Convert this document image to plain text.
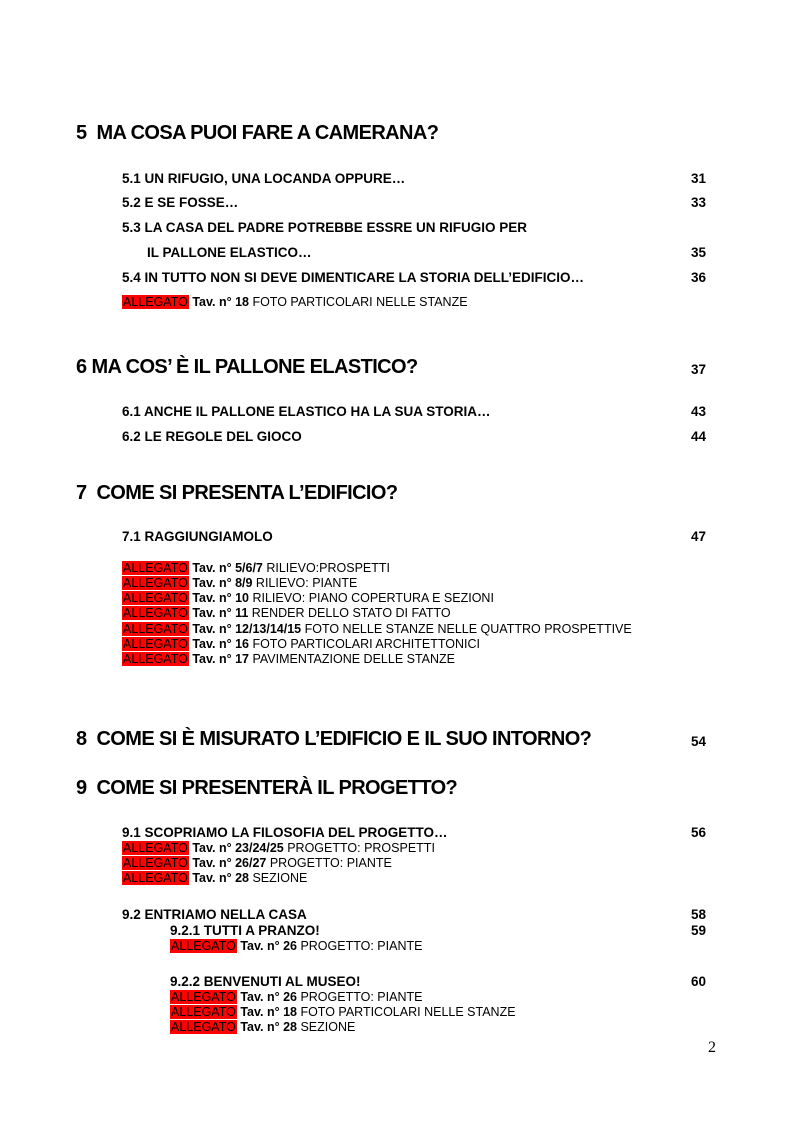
5 MA COSA PUOI FARE A CAMERANA?
5.1 UN RIFUGIO, UNA LOCANDA OPPURE…	31
5.2 E SE FOSSE…	33
5.3 LA CASA DEL PADRE POTREBBE ESSRE UN RIFUGIO PER
IL PALLONE ELASTICO…	35
5.4 IN TUTTO NON SI DEVE DIMENTICARE LA STORIA DELL’EDIFICIO…	36
ALLEGATO Tav. n° 18 FOTO PARTICOLARI NELLE STANZE
6 MA COS’ È IL PALLONE ELASTICO?	37
6.1 ANCHE IL PALLONE ELASTICO HA LA SUA STORIA…	43
6.2 LE REGOLE DEL GIOCO	44
7 COME SI PRESENTA L’EDIFICIO?
7.1 RAGGIUNGIAMOLO	47
ALLEGATO Tav. n° 5/6/7 RILIEVO:PROSPETTI
ALLEGATO Tav. n° 8/9 RILIEVO: PIANTE
ALLEGATO Tav. n° 10 RILIEVO: PIANO COPERTURA E SEZIONI
ALLEGATO Tav. n° 11 RENDER DELLO STATO DI FATTO
ALLEGATO Tav. n° 12/13/14/15 FOTO NELLE STANZE NELLE QUATTRO PROSPETTIVE
ALLEGATO Tav. n° 16 FOTO PARTICOLARI ARCHITETTONICI
ALLEGATO Tav. n° 17 PAVIMENTAZIONE DELLE STANZE
8 COME SI È MISURATO L’EDIFICIO E IL SUO INTORNO?	54
9 COME SI PRESENTERÀ IL PROGETTO?
9.1 SCOPRIAMO LA FILOSOFIA DEL PROGETTO…	56
ALLEGATO Tav. n° 23/24/25 PROGETTO: PROSPETTI
ALLEGATO Tav. n° 26/27 PROGETTO: PIANTE
ALLEGATO Tav. n° 28 SEZIONE
9.2 ENTRIAMO NELLA CASA	58
9.2.1 TUTTI A PRANZO!	59
ALLEGATO Tav. n° 26 PROGETTO: PIANTE
9.2.2 BENVENUTI AL MUSEO!	60
ALLEGATO Tav. n° 26 PROGETTO: PIANTE
ALLEGATO Tav. n° 18 FOTO PARTICOLARI NELLE STANZE
ALLEGATO Tav. n° 28 SEZIONE
2
